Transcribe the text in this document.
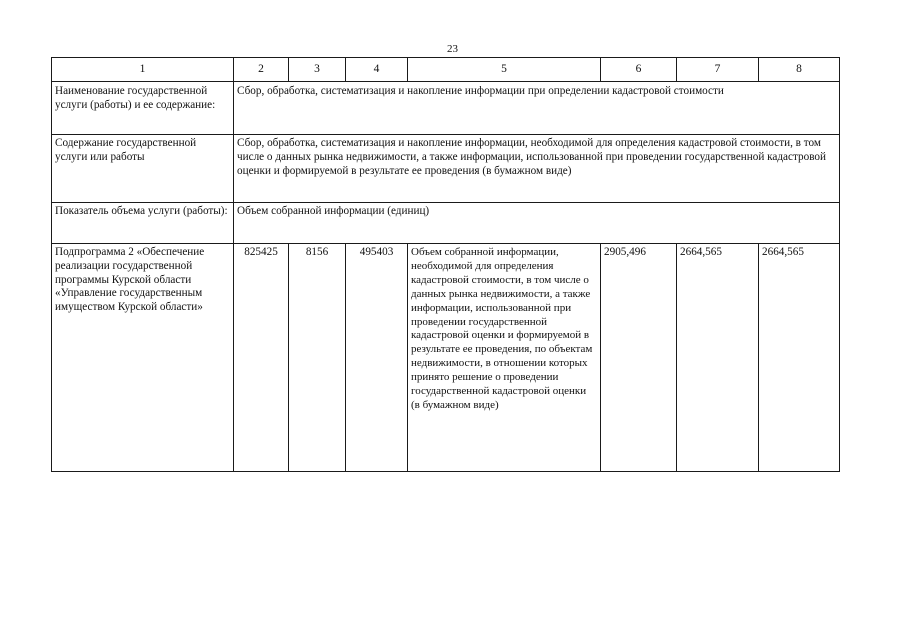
23
1	2	3	4	5	6	7	8
Наименование государственной услуги (работы) и ее содержание:	Сбор, обработка, систематизация и накопление информации при определении кадастровой стоимости						
Содержание государственной услуги или работы	Сбор, обработка, систематизация и накопление информации, необходимой для определения кадастровой стоимости, в том числе о данных рынка недвижимости, а также информации, использованной при проведении государственной кадастровой оценки и формируемой в результате ее проведения (в бумажном виде)						
Показатель объема услуги (работы):	Объем собранной информации (единиц)						
Подпрограмма 2 «Обеспечение реализации государственной программы Курской области «Управление государственным имуществом Курской области»	825425	8156	495403	Объем собранной информации, необходимой для определения кадастровой стоимости, в том числе о данных рынка недвижимости, а также информации, использованной при проведении государственной кадастровой оценки и формируемой в результате ее проведения, по объектам недвижимости, в отношении которых принято решение о проведении государственной кадастровой оценки (в бумажном виде)	2905,496	2664,565	2664,565
